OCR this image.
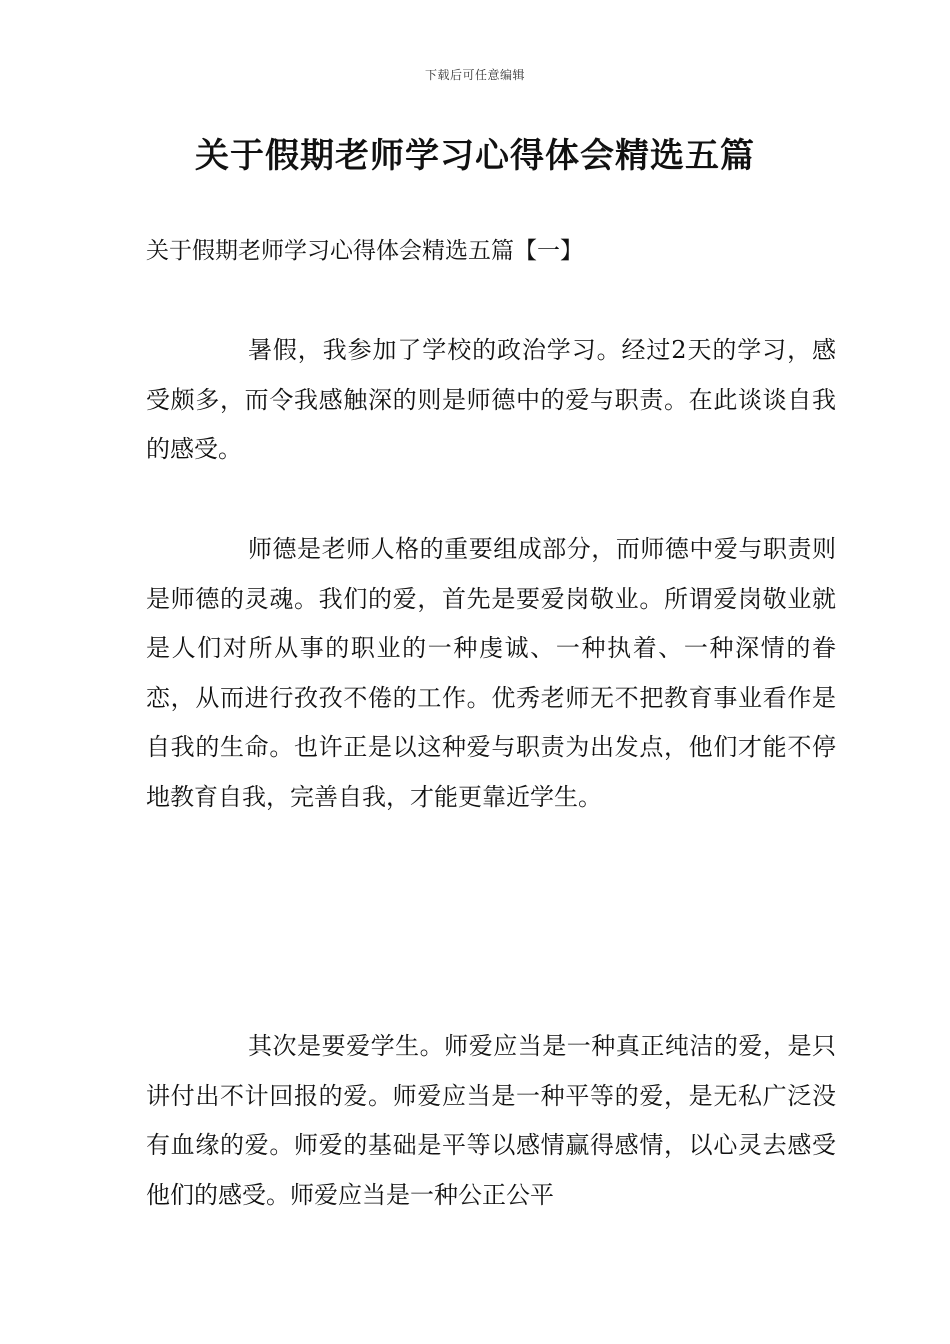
下载后可任意编辑
关于假期老师学习心得体会精选五篇
关于假期老师学习心得体会精选五篇【一】

暑假，我参加了学校的政治学习。经过2天的学习，感受颇多，而令我感触深的则是师德中的爱与职责。在此谈谈自我的感受。

师德是老师人格的重要组成部分，而师德中爱与职责则是师德的灵魂。我们的爱，首先是要爱岗敬业。所谓爱岗敬业就是人们对所从事的职业的一种虔诚、一种执着、一种深情的眷恋，从而进行孜孜不倦的工作。优秀老师无不把教育事业看作是自我的生命。也许正是以这种爱与职责为出发点，他们才能不停地教育自我，完善自我，才能更靠近学生。

其次是要爱学生。师爱应当是一种真正纯洁的爱，是只讲付出不计回报的爱。师爱应当是一种平等的爱，是无私广泛没有血缘的爱。师爱的基础是平等以感情赢得感情，以心灵去感受他们的感受。师爱应当是一种公正公平
